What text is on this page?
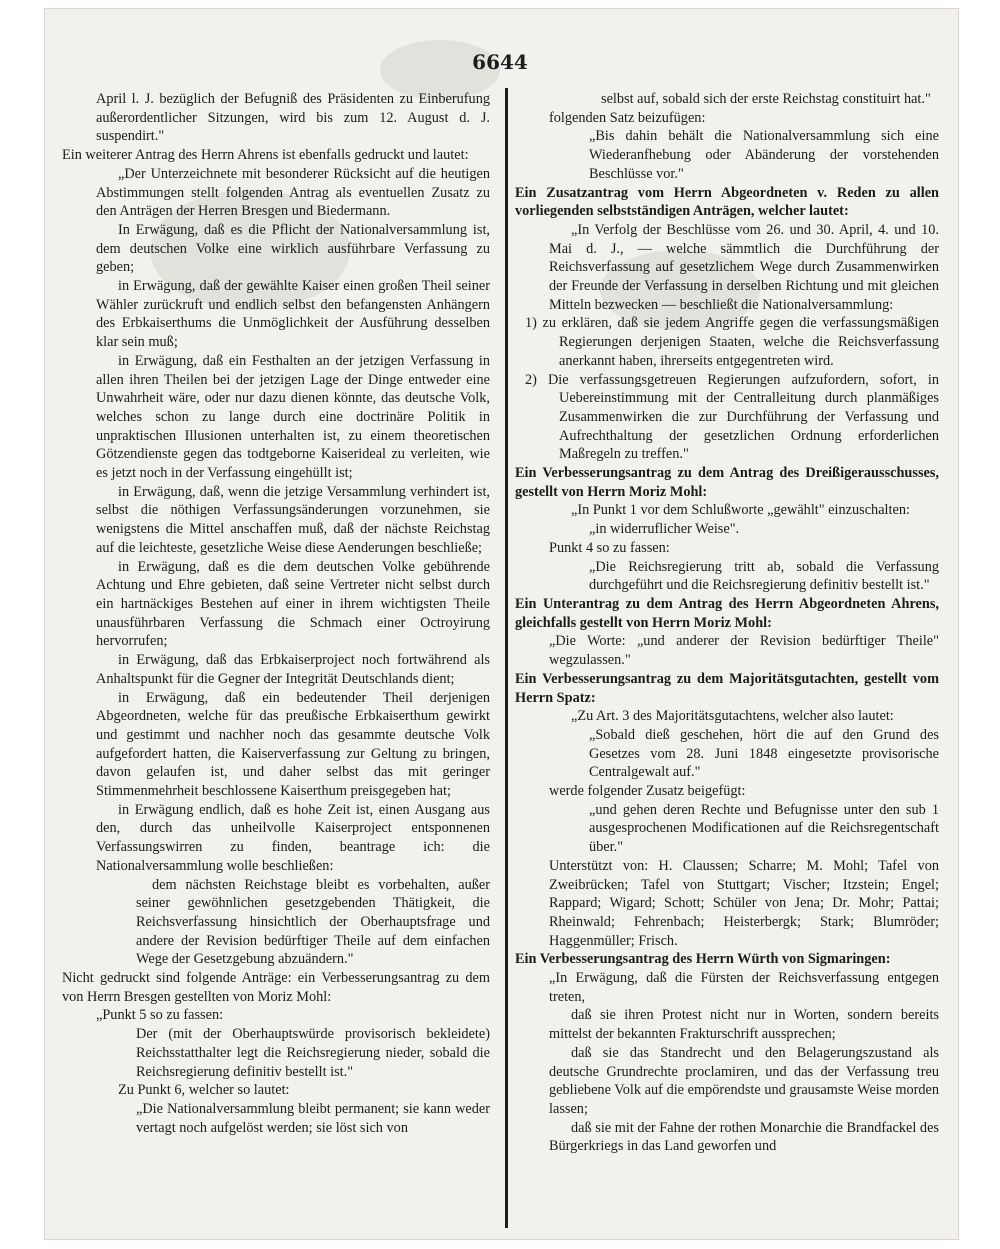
6644

April l. J. bezüglich der Befugniß des Präsidenten zu Einberufung außerordentlicher Sitzungen, wird bis zum 12. August d. J. suspendirt."

Ein weiterer Antrag des Herrn Ahrens ist ebenfalls gedruckt und lautet:

„Der Unterzeichnete mit besonderer Rücksicht auf die heutigen Abstimmungen stellt folgenden Antrag als eventuellen Zusatz zu den Anträgen der Herren Bresgen und Biedermann.

In Erwägung, daß es die Pflicht der Nationalversammlung ist, dem deutschen Volke eine wirklich ausführbare Verfassung zu geben;

in Erwägung, daß der gewählte Kaiser einen großen Theil seiner Wähler zurückruft und endlich selbst den befangensten Anhängern des Erbkaiserthums die Unmöglichkeit der Ausführung desselben klar sein muß;

in Erwägung, daß ein Festhalten an der jetzigen Verfassung in allen ihren Theilen bei der jetzigen Lage der Dinge entweder eine Unwahrheit wäre, oder nur dazu dienen könnte, das deutsche Volk, welches schon zu lange durch eine doctrinäre Politik in unpraktischen Illusionen unterhalten ist, zu einem theoretischen Götzendienste gegen das todtgeborne Kaiserideal zu verleiten, wie es jetzt noch in der Verfassung eingehüllt ist;

in Erwägung, daß, wenn die jetzige Versammlung verhindert ist, selbst die nöthigen Verfassungsänderungen vorzunehmen, sie wenigstens die Mittel anschaffen muß, daß der nächste Reichstag auf die leichteste, gesetzliche Weise diese Aenderungen beschließe;

in Erwägung, daß es die dem deutschen Volke gebührende Achtung und Ehre gebieten, daß seine Vertreter nicht selbst durch ein hartnäckiges Bestehen auf einer in ihrem wichtigsten Theile unausführbaren Verfassung die Schmach einer Octroyirung hervorrufen;

in Erwägung, daß das Erbkaiserproject noch fortwährend als Anhaltspunkt für die Gegner der Integrität Deutschlands dient;

in Erwägung, daß ein bedeutender Theil derjenigen Abgeordneten, welche für das preußische Erbkaiserthum gewirkt und gestimmt und nachher noch das gesammte deutsche Volk aufgefordert hatten, die Kaiserverfassung zur Geltung zu bringen, davon gelaufen ist, und daher selbst das mit geringer Stimmenmehrheit beschlossene Kaiserthum preisgegeben hat;

in Erwägung endlich, daß es hohe Zeit ist, einen Ausgang aus den, durch das unheilvolle Kaiserproject entsponnenen Verfassungswirren zu finden, beantrage ich: die Nationalversammlung wolle beschließen:

dem nächsten Reichstage bleibt es vorbehalten, außer seiner gewöhnlichen gesetzgebenden Thätigkeit, die Reichsverfassung hinsichtlich der Oberhauptsfrage und andere der Revision bedürftiger Theile auf dem einfachen Wege der Gesetzgebung abzuändern."

Nicht gedruckt sind folgende Anträge: ein Verbesserungsantrag zu dem von Herrn Bresgen gestellten von Moriz Mohl:

„Punkt 5 so zu fassen:

Der (mit der Oberhauptswürde provisorisch bekleidete) Reichsstatthalter legt die Reichsregierung nieder, sobald die Reichsregierung definitiv bestellt ist."

Zu Punkt 6, welcher so lautet:

„Die Nationalversammlung bleibt permanent; sie kann weder vertagt noch aufgelöst werden; sie löst sich von

selbst auf, sobald sich der erste Reichstag constituirt hat."

folgenden Satz beizufügen:

„Bis dahin behält die Nationalversammlung sich eine Wiederanfhebung oder Abänderung der vorstehenden Beschlüsse vor."

Ein Zusatzantrag vom Herrn Abgeordneten v. Reden zu allen vorliegenden selbstständigen Anträgen, welcher lautet:

„In Verfolg der Beschlüsse vom 26. und 30. April, 4. und 10. Mai d. J., — welche sämmtlich die Durchführung der Reichsverfassung auf gesetzlichem Wege durch Zusammenwirken der Freunde der Verfassung in derselben Richtung und mit gleichen Mitteln bezwecken — beschließt die Nationalversammlung:

1) zu erklären, daß sie jedem Angriffe gegen die verfassungsmäßigen Regierungen derjenigen Staaten, welche die Reichsverfassung anerkannt haben, ihrerseits entgegentreten wird.

2) Die verfassungsgetreuen Regierungen aufzufordern, sofort, in Uebereinstimmung mit der Centralleitung durch planmäßiges Zusammenwirken die zur Durchführung der Verfassung und Aufrechthaltung der gesetzlichen Ordnung erforderlichen Maßregeln zu treffen."

Ein Verbesserungsantrag zu dem Antrag des Dreißigerausschusses, gestellt von Herrn Moriz Mohl:

„In Punkt 1 vor dem Schlußworte „gewählt" einzuschalten:

„in widerruflicher Weise".

Punkt 4 so zu fassen:

„Die Reichsregierung tritt ab, sobald die Verfassung durchgeführt und die Reichsregierung definitiv bestellt ist."

Ein Unterantrag zu dem Antrag des Herrn Abgeordneten Ahrens, gleichfalls gestellt von Herrn Moriz Mohl:

„Die Worte: „und anderer der Revision bedürftiger Theile" wegzulassen."

Ein Verbesserungsantrag zu dem Majoritätsgutachten, gestellt vom Herrn Spatz:

„Zu Art. 3 des Majoritätsgutachtens, welcher also lautet:

„Sobald dieß geschehen, hört die auf den Grund des Gesetzes vom 28. Juni 1848 eingesetzte provisorische Centralgewalt auf."

werde folgender Zusatz beigefügt:

„und gehen deren Rechte und Befugnisse unter den sub 1 ausgesprochenen Modificationen auf die Reichsregentschaft über."

Unterstützt von: H. Claussen; Scharre; M. Mohl; Tafel von Zweibrücken; Tafel von Stuttgart; Vischer; Itzstein; Engel; Rappard; Wigard; Schott; Schüler von Jena; Dr. Mohr; Pattai; Rheinwald; Fehrenbach; Heisterbergk; Stark; Blumröder; Haggenmüller; Frisch.

Ein Verbesserungsantrag des Herrn Würth von Sigmaringen:

„In Erwägung, daß die Fürsten der Reichsverfassung entgegen treten,

daß sie ihren Protest nicht nur in Worten, sondern bereits mittelst der bekannten Frakturschrift aussprechen;

daß sie das Standrecht und den Belagerungszustand als deutsche Grundrechte proclamiren, und das der Verfassung treu gebliebene Volk auf die empörendste und grausamste Weise morden lassen;

daß sie mit der Fahne der rothen Monarchie die Brandfackel des Bürgerkriegs in das Land geworfen und
